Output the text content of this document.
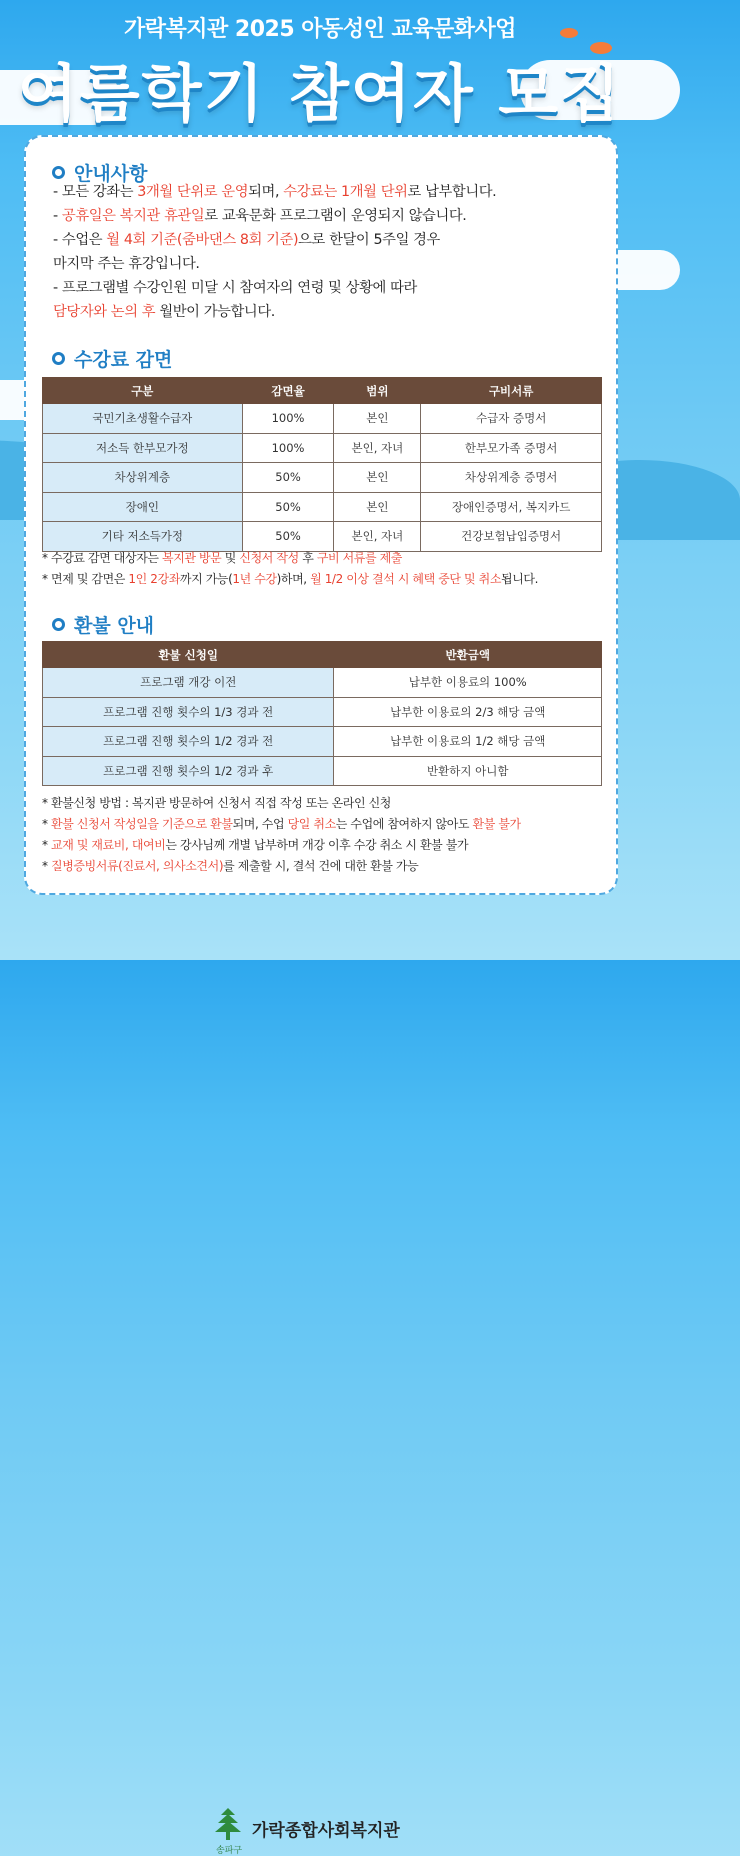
가락복지관 2025 아동성인 교육문화사업
여름학기 참여자 모집
안내사항
- 모든 강좌는 3개월 단위로 운영되며, 수강료는 1개월 단위로 납부합니다.
- 공휴일은 복지관 휴관일로 교육문화 프로그램이 운영되지 않습니다.
- 수업은 월 4회 기준(줌바댄스 8회 기준)으로 한달이 5주일 경우
마지막 주는 휴강입니다.
- 프로그램별 수강인원 미달 시 참여자의 연령 및 상황에 따라
담당자와 논의 후 월반이 가능합니다.
수강료 감면
구분	감면율	범위	구비서류
국민기초생활수급자	100%	본인	수급자 증명서
저소득 한부모가정	100%	본인, 자녀	한부모가족 증명서
차상위계층	50%	본인	차상위계층 증명서
장애인	50%	본인	장애인증명서, 복지카드
기타 저소득가정	50%	본인, 자녀	건강보험납입증명서
* 수강료 감면 대상자는 복지관 방문 및 신청서 작성 후 구비 서류를 제출
* 면제 및 감면은 1인 2강좌까지 가능(1년 수강)하며, 월 1/2 이상 결석 시 혜택 중단 및 취소됩니다.
환불 안내
환불 신청일	반환금액
프로그램 개강 이전	납부한 이용료의 100%
프로그램 진행 횟수의 1/3 경과 전	납부한 이용료의 2/3 해당 금액
프로그램 진행 횟수의 1/2 경과 전	납부한 이용료의 1/2 해당 금액
프로그램 진행 횟수의 1/2 경과 후	반환하지 아니함
* 환불신청 방법 : 복지관 방문하여 신청서 직접 작성 또는 온라인 신청
* 환불 신청서 작성일을 기준으로 환불되며, 수업 당일 취소는 수업에 참여하지 않아도 환불 불가
* 교재 및 재료비, 대여비는 강사님께 개별 납부하며 개강 이후 수강 취소 시 환불 불가
* 질병증빙서류(진료서, 의사소견서)를 제출할 시, 결석 건에 대한 환불 가능
송파구
가락종합사회복지관
